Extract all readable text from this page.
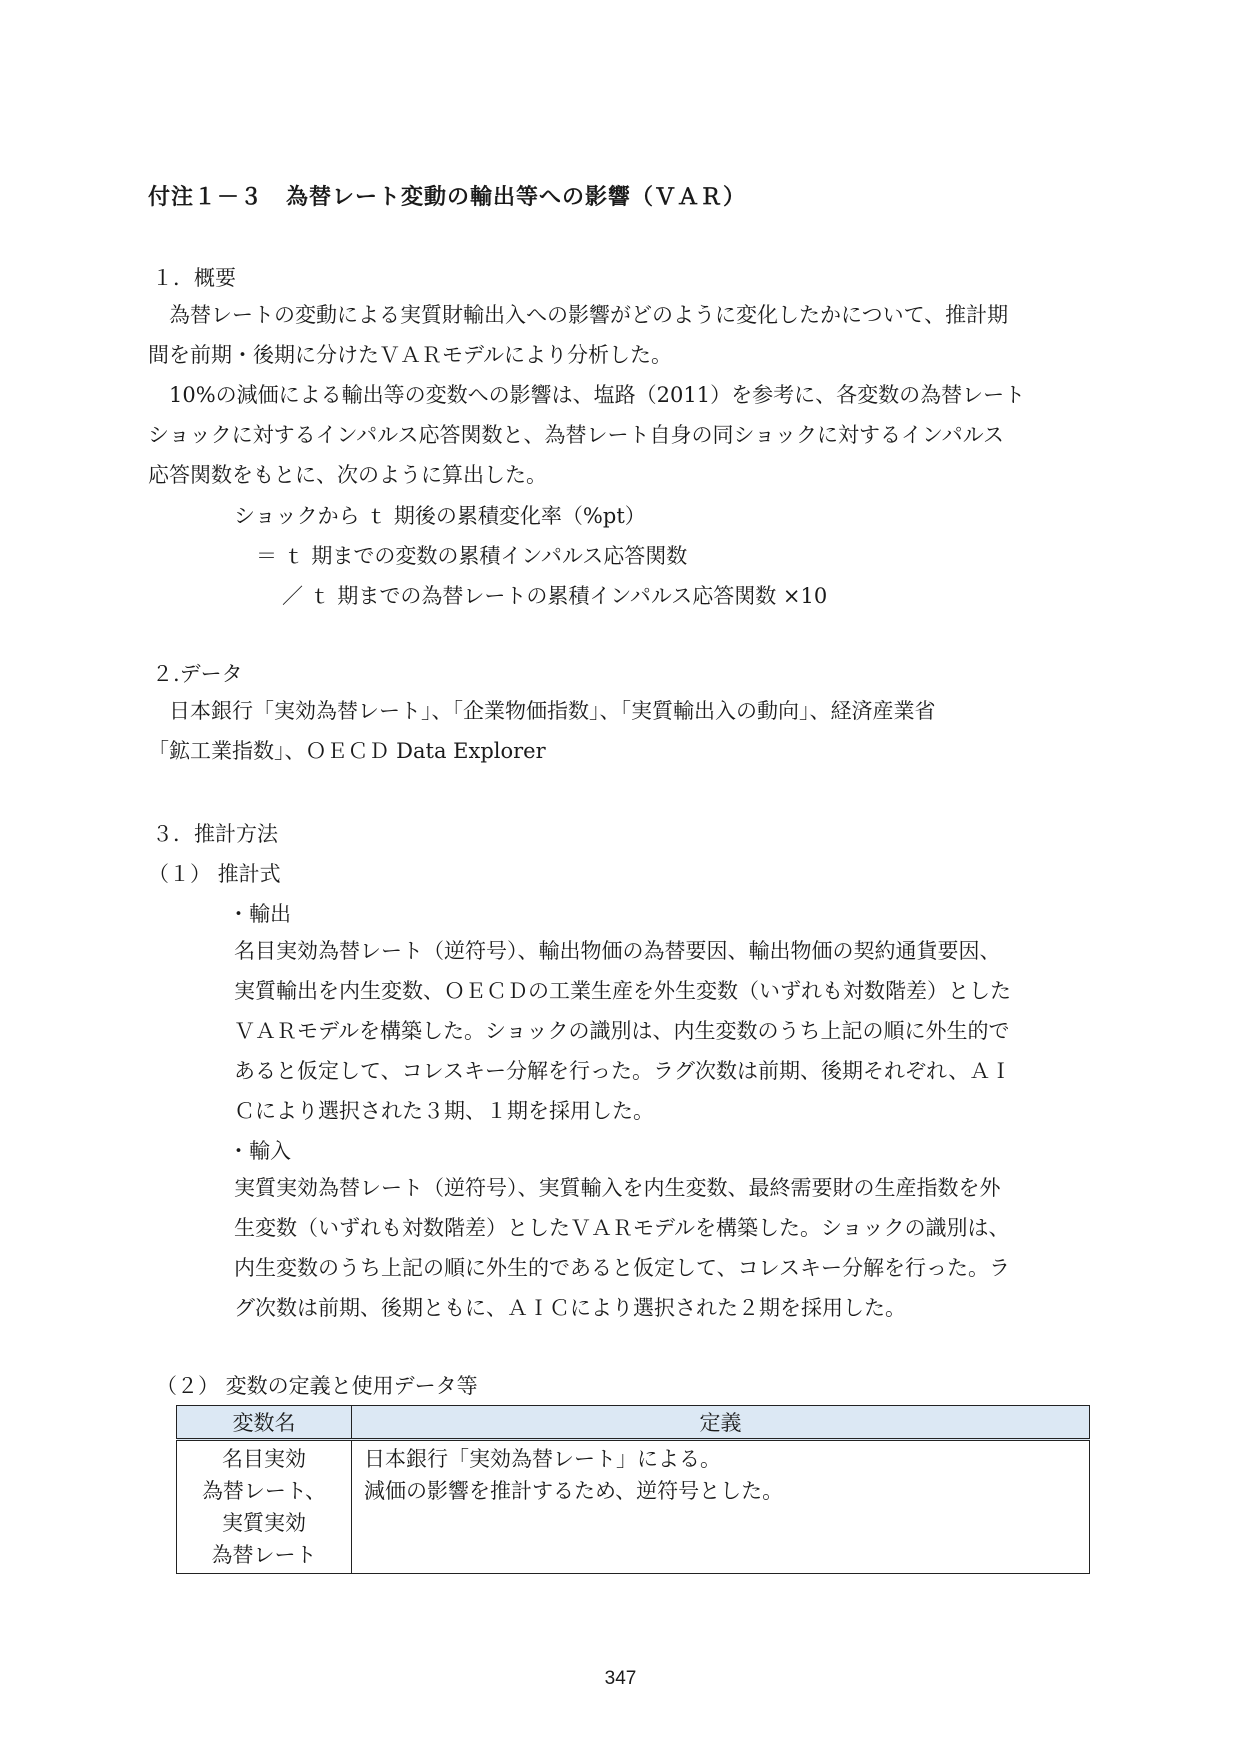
付注１－３　為替レート変動の輸出等への影響（ＶＡＲ）
１．概要
　為替レートの変動による実質財輸出入への影響がどのように変化したかについて、推計期
間を前期・後期に分けたＶＡＲモデルにより分析した。
　10%の減価による輸出等の変数への影響は、塩路（2011）を参考に、各変数の為替レート
ショックに対するインパルス応答関数と、為替レート自身の同ショックに対するインパルス
応答関数をもとに、次のように算出した。
ショックから ｔ 期後の累積変化率（%pt）
＝ ｔ 期までの変数の累積インパルス応答関数
／ ｔ 期までの為替レートの累積インパルス応答関数 ×10
２.データ
　日本銀行「実効為替レート」、「企業物価指数」、「実質輸出入の動向」、経済産業省
「鉱工業指数」、ＯＥＣＤ Data Explorer
３．推計方法
（１） 推計式
・輸出
名目実効為替レート（逆符号）、輸出物価の為替要因、輸出物価の契約通貨要因、
実質輸出を内生変数、ＯＥＣＤの工業生産を外生変数（いずれも対数階差）とした
ＶＡＲモデルを構築した。ショックの識別は、内生変数のうち上記の順に外生的で
あると仮定して、コレスキー分解を行った。ラグ次数は前期、後期それぞれ、ＡＩ
Ｃにより選択された３期、１期を採用した。
・輸入
実質実効為替レート（逆符号）、実質輸入を内生変数、最終需要財の生産指数を外
生変数（いずれも対数階差）としたＶＡＲモデルを構築した。ショックの識別は、
内生変数のうち上記の順に外生的であると仮定して、コレスキー分解を行った。ラ
グ次数は前期、後期ともに、ＡＩＣにより選択された２期を採用した。
（２） 変数の定義と使用データ等
変数名	定義

名目実効
為替レート、
実質実効
為替レート	日本銀行「実効為替レート」による。
減価の影響を推計するため、逆符号とした。
347
